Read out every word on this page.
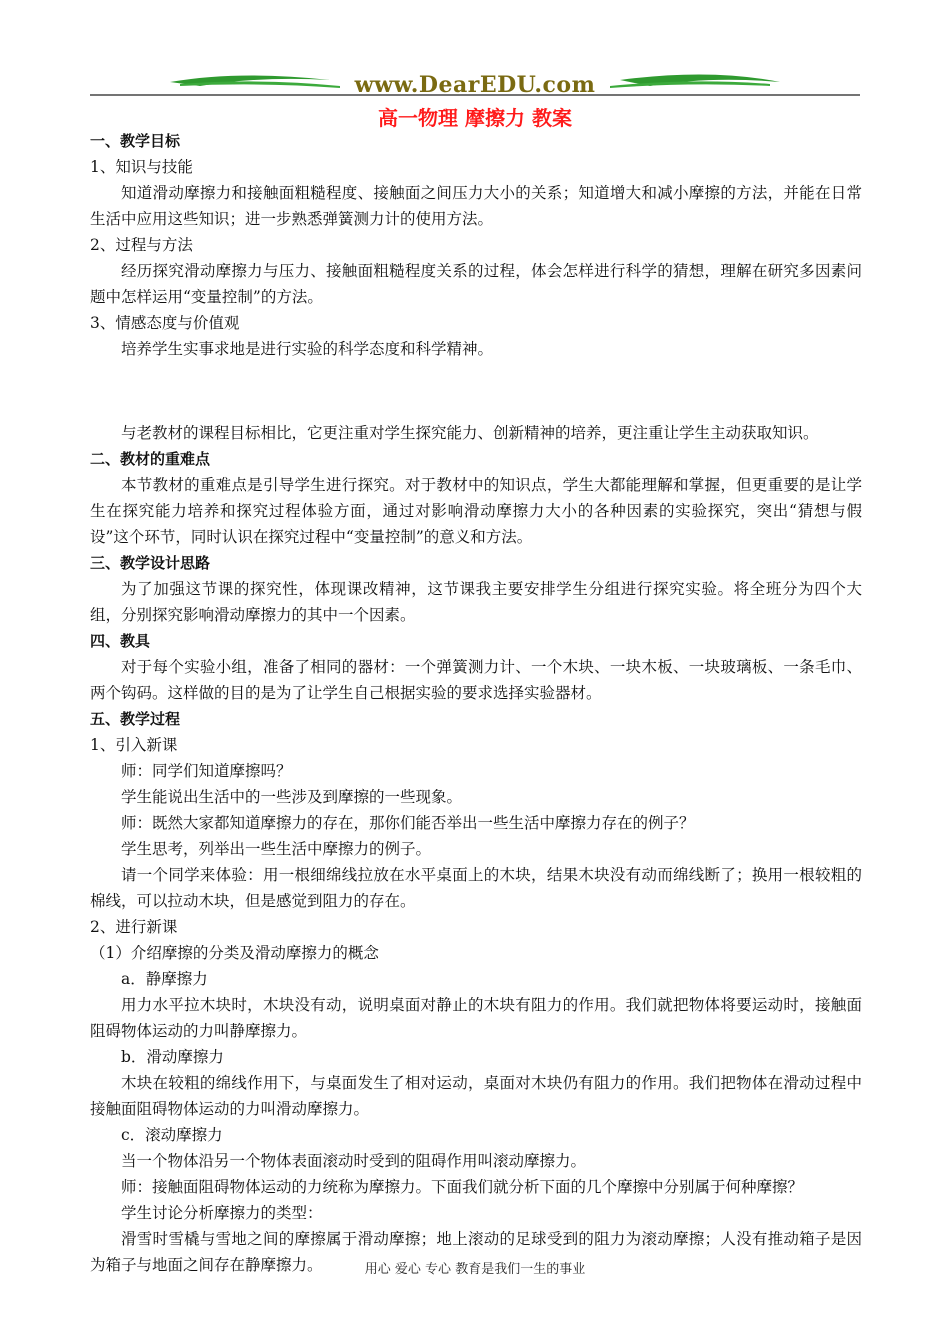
www.DearEDU.com
高一物理 摩擦力 教案

一、教学目标

1、知识与技能

知道滑动摩擦力和接触面粗糙程度、接触面之间压力大小的关系；知道增大和减小摩擦的方法，并能在日常生活中应用这些知识；进一步熟悉弹簧测力计的使用方法。

2、过程与方法

经历探究滑动摩擦力与压力、接触面粗糙程度关系的过程，体会怎样进行科学的猜想，理解在研究多因素问题中怎样运用“变量控制”的方法。

3、情感态度与价值观

培养学生实事求地是进行实验的科学态度和科学精神。

与老教材的课程目标相比，它更注重对学生探究能力、创新精神的培养，更注重让学生主动获取知识。

二、教材的重难点

本节教材的重难点是引导学生进行探究。对于教材中的知识点，学生大都能理解和掌握，但更重要的是让学生在探究能力培养和探究过程体验方面，通过对影响滑动摩擦力大小的各种因素的实验探究，突出“猜想与假设”这个环节，同时认识在探究过程中“变量控制”的意义和方法。

三、教学设计思路

为了加强这节课的探究性，体现课改精神，这节课我主要安排学生分组进行探究实验。将全班分为四个大组，分别探究影响滑动摩擦力的其中一个因素。

四、教具

对于每个实验小组，准备了相同的器材：一个弹簧测力计、一个木块、一块木板、一块玻璃板、一条毛巾、两个钩码。这样做的目的是为了让学生自己根据实验的要求选择实验器材。

五、教学过程

1、引入新课

师：同学们知道摩擦吗？

学生能说出生活中的一些涉及到摩擦的一些现象。

师：既然大家都知道摩擦力的存在，那你们能否举出一些生活中摩擦力存在的例子？

学生思考，列举出一些生活中摩擦力的例子。

请一个同学来体验：用一根细绵线拉放在水平桌面上的木块，结果木块没有动而绵线断了；换用一根较粗的棉线，可以拉动木块，但是感觉到阻力的存在。

2、进行新课

（1）介绍摩擦的分类及滑动摩擦力的概念

a．静摩擦力

用力水平拉木块时，木块没有动，说明桌面对静止的木块有阻力的作用。我们就把物体将要运动时，接触面阻碍物体运动的力叫静摩擦力。

b．滑动摩擦力

木块在较粗的绵线作用下，与桌面发生了相对运动，桌面对木块仍有阻力的作用。我们把物体在滑动过程中接触面阻碍物体运动的力叫滑动摩擦力。

c．滚动摩擦力

当一个物体沿另一个物体表面滚动时受到的阻碍作用叫滚动摩擦力。

师：接触面阻碍物体运动的力统称为摩擦力。下面我们就分析下面的几个摩擦中分别属于何种摩擦？

学生讨论分析摩擦力的类型：

滑雪时雪橇与雪地之间的摩擦属于滑动摩擦；地上滚动的足球受到的阻力为滚动摩擦；人没有推动箱子是因为箱子与地面之间存在静摩擦力。	用心 爱心 专心 教育是我们一生的事业
